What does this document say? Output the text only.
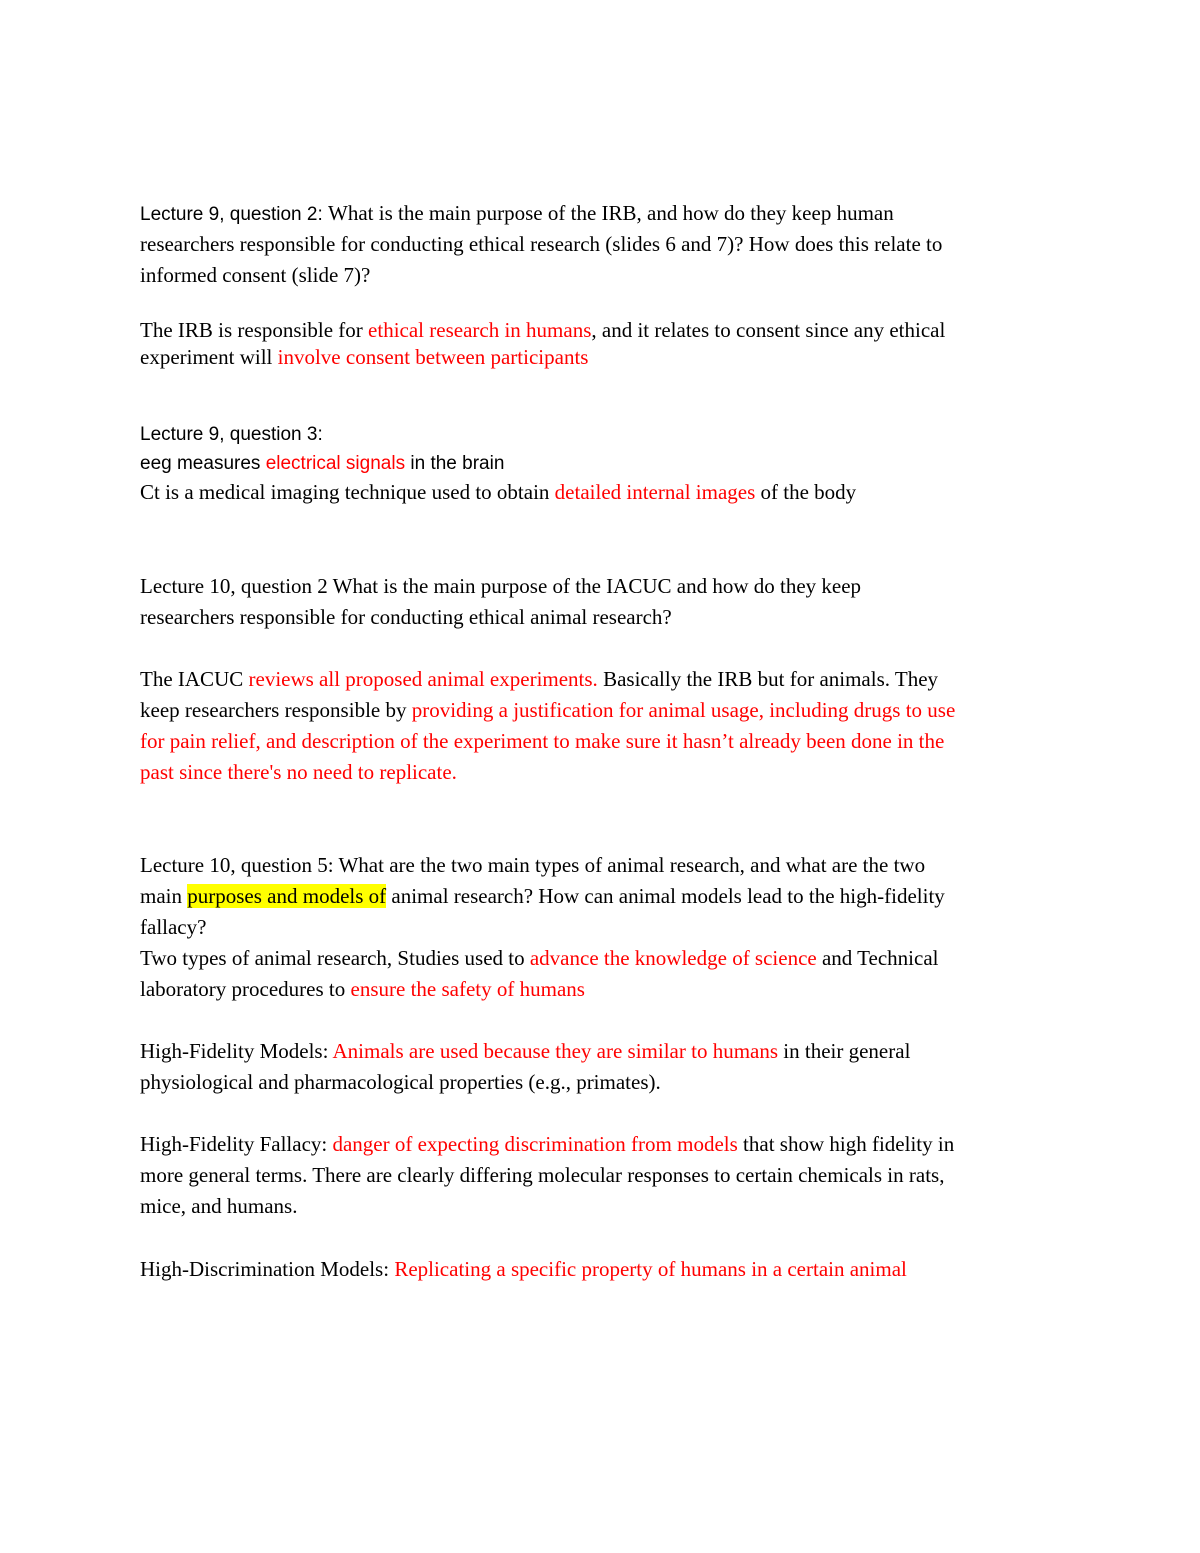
Lecture 9, question 2: What is the main purpose of the IRB, and how do they keep human
researchers responsible for conducting ethical research (slides 6 and 7)? How does this relate to
informed consent (slide 7)?
The IRB is responsible for ethical research in humans, and it relates to consent since any ethical
experiment will involve consent between participants
Lecture 9, question 3:
eeg measures electrical signals in the brain
Ct is a medical imaging technique used to obtain detailed internal images of the body
Lecture 10, question 2 What is the main purpose of the IACUC and how do they keep
researchers responsible for conducting ethical animal research?
The IACUC reviews all proposed animal experiments. Basically the IRB but for animals. They
keep researchers responsible by providing a justification for animal usage, including drugs to use
for pain relief, and description of the experiment to make sure it hasn’t already been done in the
past since there's no need to replicate.
Lecture 10, question 5: What are the two main types of animal research, and what are the two
main purposes and models of animal research? How can animal models lead to the high-fidelity
fallacy?
Two types of animal research, Studies used to advance the knowledge of science and Technical
laboratory procedures to ensure the safety of humans
High-Fidelity Models: Animals are used because they are similar to humans in their general
physiological and pharmacological properties (e.g., primates).
High-Fidelity Fallacy: danger of expecting discrimination from models that show high fidelity in
more general terms. There are clearly differing molecular responses to certain chemicals in rats,
mice, and humans.
High-Discrimination Models: Replicating a specific property of humans in a certain animal
